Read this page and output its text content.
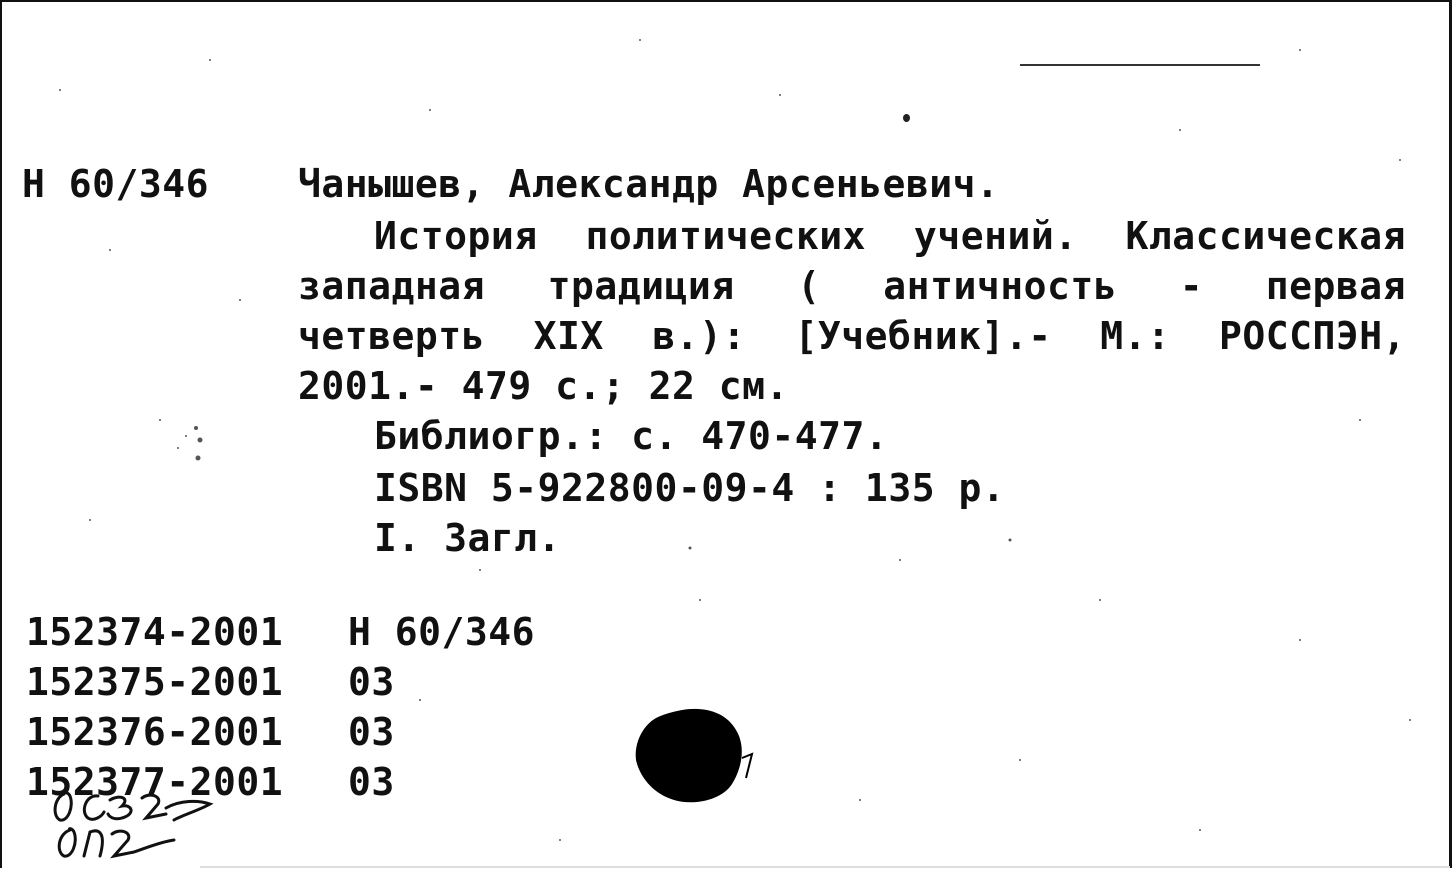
Н 60/346 Чанышев, Александр Арсеньевич.
История политических учений. Классическая
западная традиция ( античность - первая
четверть XIX в.): [Учебник].- М.: РОССПЭН,
2001.- 479 с.; 22 см.
Библиогр.: с. 470-477.
ISBN 5-922800-09-4 : 135 р.
I. Загл.
152374-2001 Н 60/346
152375-2001 03
152376-2001 03
152377-2001 03
